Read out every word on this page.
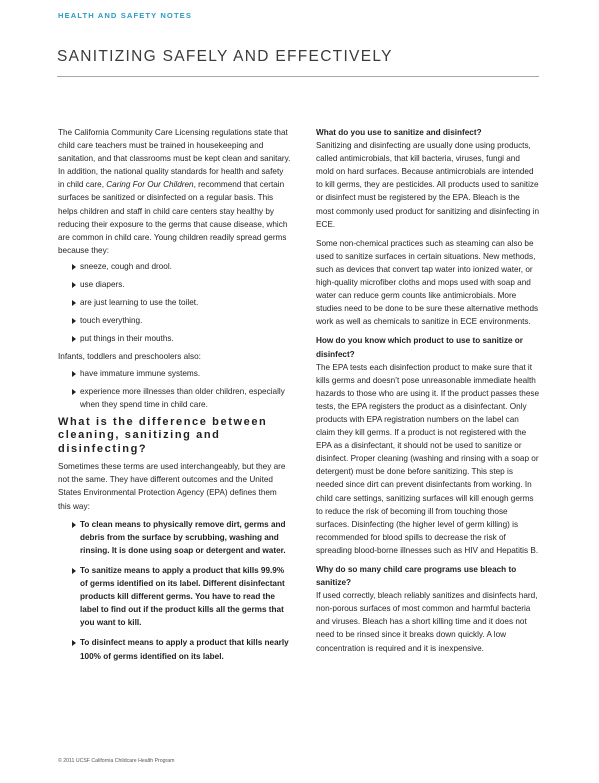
HEALTH AND SAFETY NOTES
SANITIZING SAFELY AND EFFECTIVELY

The California Community Care Licensing regulations state that child care teachers must be trained in housekeeping and sanitation, and that classrooms must be kept clean and sanitary. In addition, the national quality standards for health and safety in child care, Caring For Our Children, recommend that certain surfaces be sanitized or disinfected on a regular basis. This helps children and staff in child care centers stay healthy by reducing their exposure to the germs that cause disease, which are common in child care. Young children readily spread germs because they:

sneeze, cough and drool.
use diapers.
are just learning to use the toilet.
touch everything.
put things in their mouths.

Infants, toddlers and preschoolers also:

have immature immune systems.
experience more illnesses than older children, especially when they spend time in child care.
What is the difference between cleaning, sanitizing and disinfecting?

Sometimes these terms are used interchangeably, but they are not the same. They have different outcomes and the United States Environmental Protection Agency (EPA) defines them this way:

To clean means to physically remove dirt, germs and debris from the surface by scrubbing, washing and rinsing. It is done using soap or detergent and water.
To sanitize means to apply a product that kills 99.9% of germs identified on its label. Different disinfectant products kill different germs. You have to read the label to find out if the product kills all the germs that you want to kill.
To disinfect means to apply a product that kills nearly 100% of germs identified on its label.

What do you use to sanitize and disinfect?

Sanitizing and disinfecting are usually done using products, called antimicrobials, that kill bacteria, viruses, fungi and mold on hard surfaces. Because antimicrobials are intended to kill germs, they are pesticides. All products used to sanitize or disinfect must be registered by the EPA. Bleach is the most commonly used product for sanitizing and disinfecting in ECE.

Some non-chemical practices such as steaming can also be used to sanitize surfaces in certain situations. New methods, such as devices that convert tap water into ionized water, or high-quality microfiber cloths and mops used with soap and water can reduce germ counts like antimicrobials. More studies need to be done to be sure these alternative methods work as well as chemicals to sanitize in ECE environments.

How do you know which product to use to sanitize or disinfect?

The EPA tests each disinfection product to make sure that it kills germs and doesn’t pose unreasonable immediate health hazards to those who are using it. If the product passes these tests, the EPA registers the product as a disinfectant. Only products with EPA registration numbers on the label can claim they kill germs. If a product is not registered with the EPA as a disinfectant, it should not be used to sanitize or disinfect. Proper cleaning (washing and rinsing with a soap or detergent) must be done before sanitizing. This step is needed since dirt can prevent disinfectants from working. In child care settings, sanitizing surfaces will kill enough germs to reduce the risk of becoming ill from touching those surfaces. Disinfecting (the higher level of germ killing) is recommended for blood spills to decrease the risk of spreading blood-borne illnesses such as HIV and Hepatitis B.

Why do so many child care programs use bleach to sanitize?

If used correctly, bleach reliably sanitizes and disinfects hard, non-porous surfaces of most common and harmful bacteria and viruses. Bleach has a short killing time and it does not need to be rinsed since it breaks down quickly. A low concentration is required and it is inexpensive.

© 2011 UCSF California Childcare Health Program
